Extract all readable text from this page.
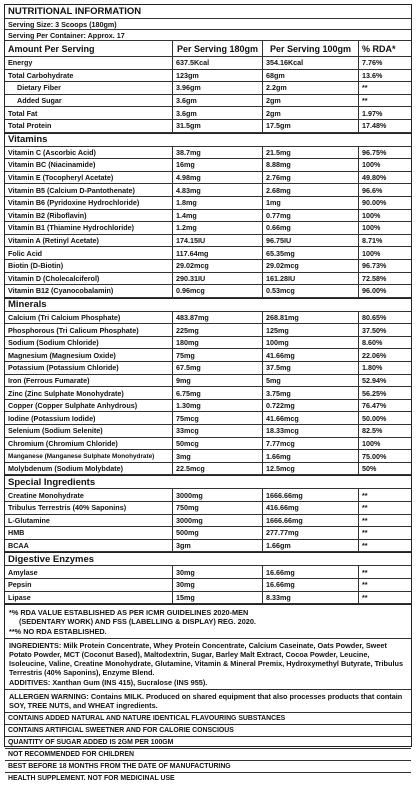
NUTRITIONAL INFORMATION
Serving Size: 3 Scoops (180gm)
Serving Per Container: Approx. 17
Amount Per Serving	Per Serving 180gm	Per Serving 100gm	% RDA*
Energy	637.5Kcal	354.16Kcal	7.76%
Total Carbohydrate	123gm	68gm	13.6%
Dietary Fiber	3.96gm	2.2gm	**
Added Sugar	3.6gm	2gm	**
Total Fat	3.6gm	2gm	1.97%
Total Protein	31.5gm	17.5gm	17.48%
Vitamins
Vitamin C (Ascorbic Acid)	38.7mg	21.5mg	96.75%
Vitamin BC (Niacinamide)	16mg	8.88mg	100%
Vitamin E (Tocopheryl Acetate)	4.98mg	2.76mg	49.80%
Vitamin B5 (Calcium D-Pantothenate)	4.83mg	2.68mg	96.6%
Vitamin B6 (Pyridoxine Hydrochloride)	1.8mg	1mg	90.00%
Vitamin B2 (Riboflavin)	1.4mg	0.77mg	100%
Vitamin B1 (Thiamine Hydrochloride)	1.2mg	0.66mg	100%
Vitamin A (Retinyl Acetate)	174.15IU	96.75IU	8.71%
Folic Acid	117.64mg	65.35mg	100%
Biotin (D-Biotin)	29.02mcg	29.02mcg	96.73%
Vitamin D (Cholecalciferol)	290.31IU	161.28IU	72.58%
Vitamin B12 (Cyanocobalamin)	0.96mcg	0.53mcg	96.00%
Minerals
Calcium (Tri Calcium Phosphate)	483.87mg	268.81mg	80.65%
Phosphorous (Tri Calicum Phosphate)	225mg	125mg	37.50%
Sodium (Sodium Chloride)	180mg	100mg	8.60%
Magnesium (Magnesium Oxide)	75mg	41.66mg	22.06%
Potassium (Potassium Chloride)	67.5mg	37.5mg	1.80%
Iron (Ferrous Fumarate)	9mg	5mg	52.94%
Zinc (Zinc Sulphate Monohydrate)	6.75mg	3.75mg	56.25%
Copper (Copper Sulphate Anhydrous)	1.30mg	0.722mg	76.47%
Iodine (Potassium Iodide)	75mcg	41.66mcg	50.00%
Selenium (Sodium Selenite)	33mcg	18.33mcg	82.5%
Chromium (Chromium Chloride)	50mcg	7.77mcg	100%
Manganese (Manganese Sulphate Monohydrate)	3mg	1.66mg	75.00%
Molybdenum (Sodium Molybdate)	22.5mcg	12.5mcg	50%
Special Ingredients
Creatine Monohydrate	3000mg	1666.66mg	**
Tribulus Terrestris (40% Saponins)	750mg	416.66mg	**
L-Glutamine	3000mg	1666.66mg	**
HMB	500mg	277.77mg	**
BCAA	3gm	1.66gm	**
Digestive Enzymes
Amylase	30mg	16.66mg	**
Pepsin	30mg	16.66mg	**
Lipase	15mg	8.33mg	**
*% RDA VALUE ESTABLISHED AS PER ICMR GUIDELINES 2020-MEN
(SEDENTARY WORK) AND FSS (LABELLING & DISPLAY) REG. 2020.
**% NO RDA ESTABLISHED.
INGREDIENTS: Milk Protein Concentrate, Whey Protein Concentrate, Calcium Caseinate, Oats Powder, Sweet Potato Powder, MCT (Coconut Based), Maltodextrin, Sugar, Barley Malt Extract, Cocoa Powder, Leucine, Isoleucine, Valine, Creatine Monohydrate, Glutamine, Vitamin & Mineral Premix, Hydroxymethyl Butyrate, Tribulus Terrestris (40% Saponins), Enzyme Blend.
ADDITIVES: Xanthan Gum (INS 415), Sucralose (INS 955).
ALLERGEN WARNING: Contains MILK. Produced on shared equipment that also processes products that contain SOY, TREE NUTS, and WHEAT ingredients.
CONTAINS ADDED NATURAL AND NATURE IDENTICAL FLAVOURING SUBSTANCES
CONTAINS ARTIFICIAL SWEETNER AND FOR CALORIE CONSCIOUS
QUANTITY OF SUGAR ADDED IS 2GM PER 100GM
NOT RECOMMENDED FOR CHILDREN
BEST BEFORE 18 MONTHS FROM THE DATE OF MANUFACTURING
HEALTH SUPPLEMENT. NOT FOR MEDICINAL USE
